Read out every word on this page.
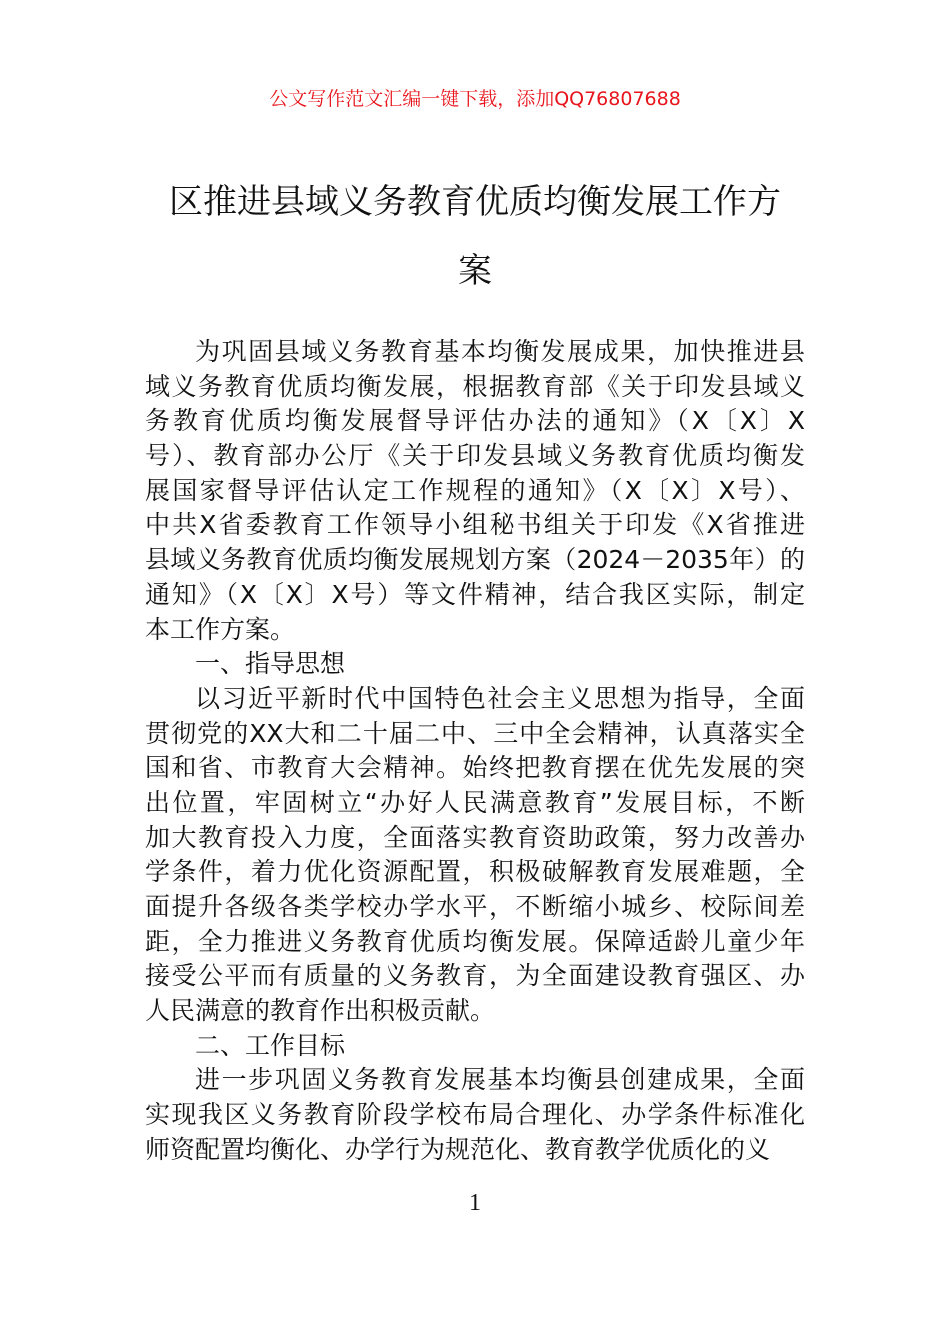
公文写作范文汇编一键下载，添加QQ76807688
区推进县域义务教育优质均衡发展工作方
案
为巩固县域义务教育基本均衡发展成果，加快推进县
域义务教育优质均衡发展，根据教育部《关于印发县域义
务教育优质均衡发展督导评估办法的通知》（X〔X〕X
号）、教育部办公厅《关于印发县域义务教育优质均衡发
展国家督导评估认定工作规程的通知》（X〔X〕X号）、
中共X省委教育工作领导小组秘书组关于印发《X省推进
县域义务教育优质均衡发展规划方案（2024－2035年）的
通知》（X〔X〕X号）等文件精神，结合我区实际，制定
本工作方案。
一、指导思想
以习近平新时代中国特色社会主义思想为指导，全面
贯彻党的XX大和二十届二中、三中全会精神，认真落实全
国和省、市教育大会精神。始终把教育摆在优先发展的突
出位置，牢固树立“办好人民满意教育”发展目标，不断
加大教育投入力度，全面落实教育资助政策，努力改善办
学条件，着力优化资源配置，积极破解教育发展难题，全
面提升各级各类学校办学水平，不断缩小城乡、校际间差
距，全力推进义务教育优质均衡发展。保障适龄儿童少年
接受公平而有质量的义务教育，为全面建设教育强区、办
人民满意的教育作出积极贡献。
二、工作目标
进一步巩固义务教育发展基本均衡县创建成果，全面
实现我区义务教育阶段学校布局合理化、办学条件标准化
师资配置均衡化、办学行为规范化、教育教学优质化的义
1
